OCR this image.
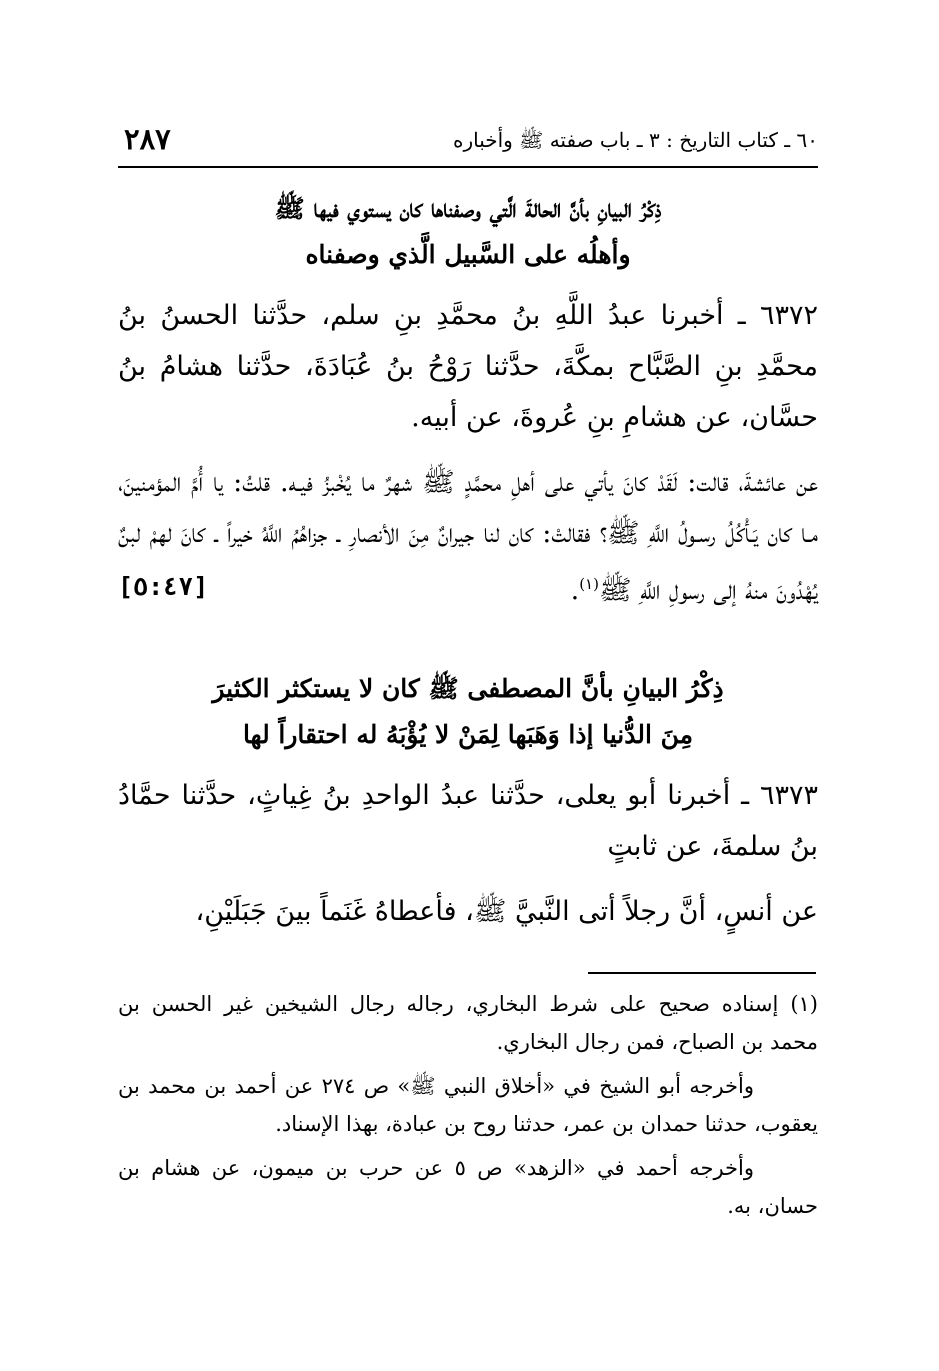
٦٠ ـ كتاب التاريخ : ٣ ـ باب صفته ﷺ وأخباره
٢٨٧
ذِكْرُ البيانِ بأنَّ الحالةَ الَّتي وصفناها كان يستوي فيها ﷺ
وأهلُه على السَّبيل الَّذي وصفناه

٦٣٧٢ ـ أخبرنا عبدُ اللَّهِ بنُ محمَّدِ بنِ سلم، حدَّثنا الحسنُ بنُ محمَّدِ بنِ الصَّبَّاح بمكَّةَ، حدَّثنا رَوْحُ بنُ عُبَادَةَ، حدَّثنا هشامُ بنُ حسَّان، عن هشامِ بنِ عُروةَ، عن أبيه.

عن عائشةَ، قالت: لَقَدْ كانَ يأتي على أهلِ محمَّدٍ ﷺ شهرٌ ما يُخْبزُ فيـه. قلتُ: يا أُمَّ المؤمنينَ، مـا كان يَـأْكُلُ رسـولُ اللَّهِ ﷺ؟ فقالتْ: كان لنا جيرانٌ مِنَ الأنصارِ ـ جزاهُمُ اللَّهُ خيراً ـ كانَ لهمْ لبنٌ يُهْدُونَ منهُ إلى رسولِ اللَّهِ ﷺ$^{(١)}$.
[٥:٤٧]

ذِكْرُ البيانِ بأنَّ المصطفى ﷺ كان لا يستكثر الكثيرَ
مِنَ الدُّنيا إذا وَهَبَها لِمَنْ لا يُؤْبَهُ له احتقاراً لها

٦٣٧٣ ـ أخبرنا أبو يعلى، حدَّثنا عبدُ الواحدِ بنُ غِياثٍ، حدَّثنا حمَّادُ بنُ سلمةَ، عن ثابتٍ

عن أنسٍ، أنَّ رجلاً أتى النَّبيَّ ﷺ، فأعطاهُ غَنَماً بينَ جَبَلَيْنِ،

(١)إسناده صحيح على شرط البخاري، رجاله رجال الشيخين غير الحسن بن محمد بن الصباح، فمن رجال البخاري.

وأخرجه أبو الشيخ في «أخلاق النبي ﷺ» ص ٢٧٤ عن أحمد بن محمد بن يعقوب، حدثنا حمدان بن عمر، حدثنا روح بن عبادة، بهذا الإسناد.

وأخرجه أحمد في «الزهد» ص ٥ عن حرب بن ميمون، عن هشام بن حسان، به.
